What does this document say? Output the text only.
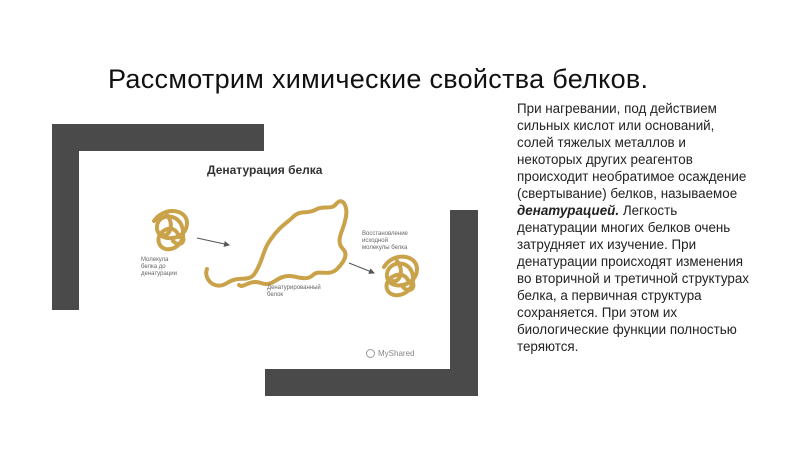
Рассмотрим химические свойства белков.
Денатурация белка
Молекула белка до денатурации
Денатурированный белок
Восстановление исходной молекулы белка
MyShared
При нагревании, под действием сильных кислот или оснований, солей тяжелых металлов и некоторых других реагентов происходит необратимое осаждение (свертывание) белков, называемое денатурацией. Легкость денатурации многих белков очень затрудняет их изучение. При денатурации происходят изменения во вторичной и третичной структурах белка, а первичная структура сохраняется. При этом их биологические функции полностью теряются.
